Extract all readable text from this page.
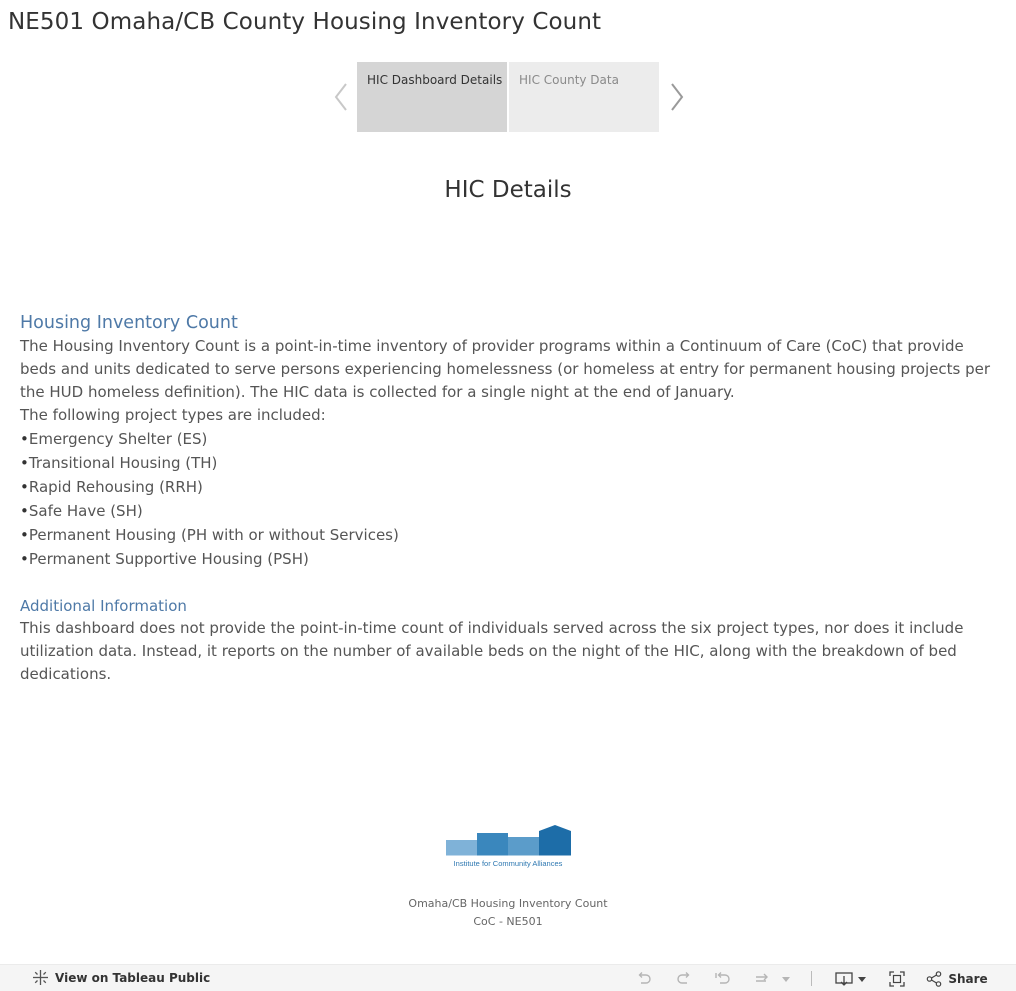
NE501 Omaha/CB County Housing Inventory Count
HIC Dashboard Details	HIC County Data
HIC Details
Housing Inventory Count
The Housing Inventory Count is a point-in-time inventory of provider programs within a Continuum of Care (CoC) that provide
beds and units dedicated to serve persons experiencing homelessness (or homeless at entry for permanent housing projects per
the HUD homeless definition). The HIC data is collected for a single night at the end of January.
The following project types are included:
• Emergency Shelter (ES)
• Transitional Housing (TH)
• Rapid Rehousing (RRH)
• Safe Have (SH)
• Permanent Housing (PH with or without Services)
• Permanent Supportive Housing (PSH)
Additional Information
This dashboard does not provide the point-in-time count of individuals served across the six project types, nor does it include
utilization data. Instead, it reports on the number of available beds on the night of the HIC, along with the breakdown of bed
dedications.
Institute for Community Alliances
Omaha/CB Housing Inventory Count
CoC - NE501
View on Tableau Public	Share
